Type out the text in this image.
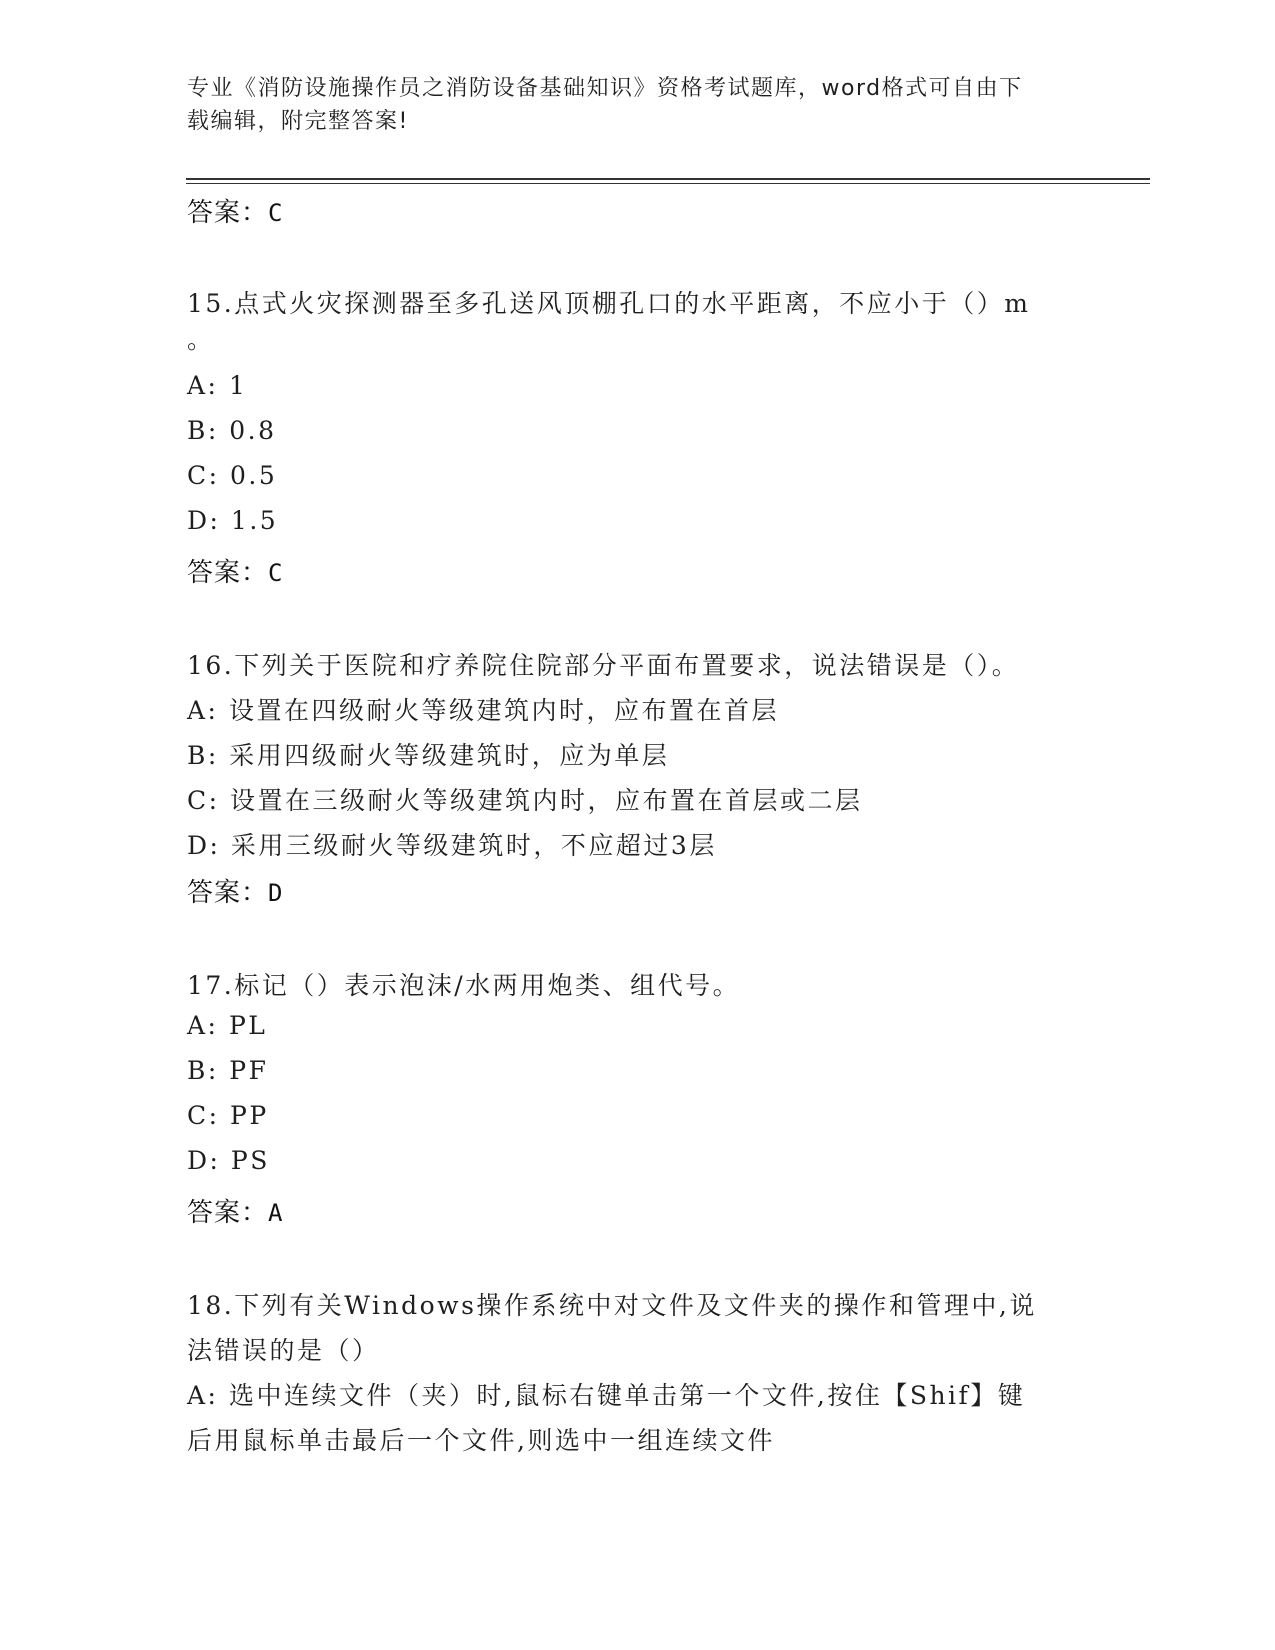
专业《消防设施操作员之消防设备基础知识》资格考试题库，word格式可自由下
载编辑，附完整答案!
答案：C
15.点式火灾探测器至多孔送风顶棚孔口的水平距离，不应小于（）m
。
A: 1
B: 0.8
C: 0.5
D: 1.5
答案：C
16.下列关于医院和疗养院住院部分平面布置要求，说法错误是（）。
A: 设置在四级耐火等级建筑内时，应布置在首层
B: 采用四级耐火等级建筑时，应为单层
C: 设置在三级耐火等级建筑内时，应布置在首层或二层
D: 采用三级耐火等级建筑时，不应超过3层
答案：D
17.标记（）表示泡沫/水两用炮类、组代号。
A: PL
B: PF
C: PP
D: PS
答案：A
18.下列有关Windows操作系统中对文件及文件夹的操作和管理中,说
法错误的是（）
A: 选中连续文件（夹）时,鼠标右键单击第一个文件,按住【Shif】键
后用鼠标单击最后一个文件,则选中一组连续文件
